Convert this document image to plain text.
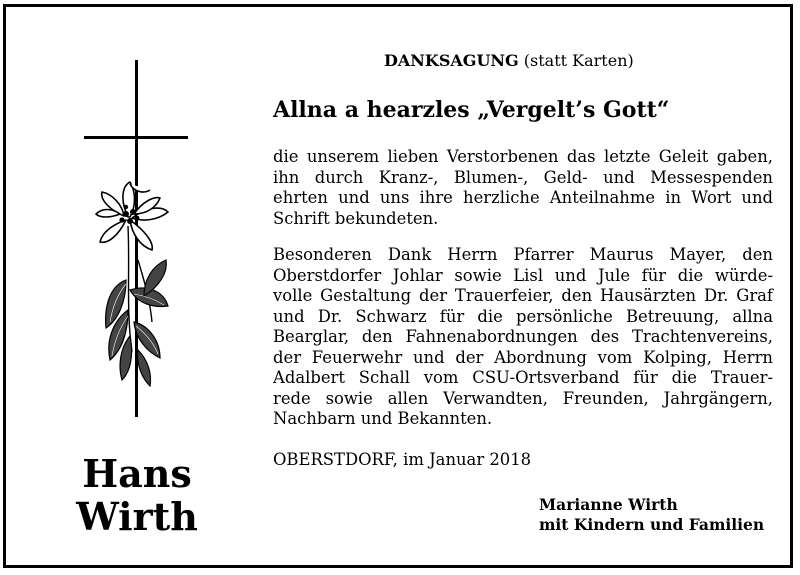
Hans
Wirth
DANKSAGUNG (statt Karten)
Allna a hearzles „Vergelt’s Gott“
die unserem lieben Verstorbenen das letzte Geleit gaben,
ihn durch Kranz-, Blumen-, Geld- und Messespenden
ehrten und uns ihre herzliche Anteilnahme in Wort und
Schrift bekundeten.
Besonderen Dank Herrn Pfarrer Maurus Mayer, den
Oberstdorfer Johlar sowie Lisl und Jule für die würde-
volle Gestaltung der Trauerfeier, den Hausärzten Dr. Graf
und Dr. Schwarz für die persönliche Betreuung, allna
Bearglar, den Fahnenabordnungen des Trachtenvereins,
der Feuerwehr und der Abordnung vom Kolping, Herrn
Adalbert Schall vom CSU-Ortsverband für die Trauer-
rede sowie allen Verwandten, Freunden, Jahrgängern,
Nachbarn und Bekannten.
OBERSTDORF, im Januar 2018
Marianne Wirth
mit Kindern und Familien
